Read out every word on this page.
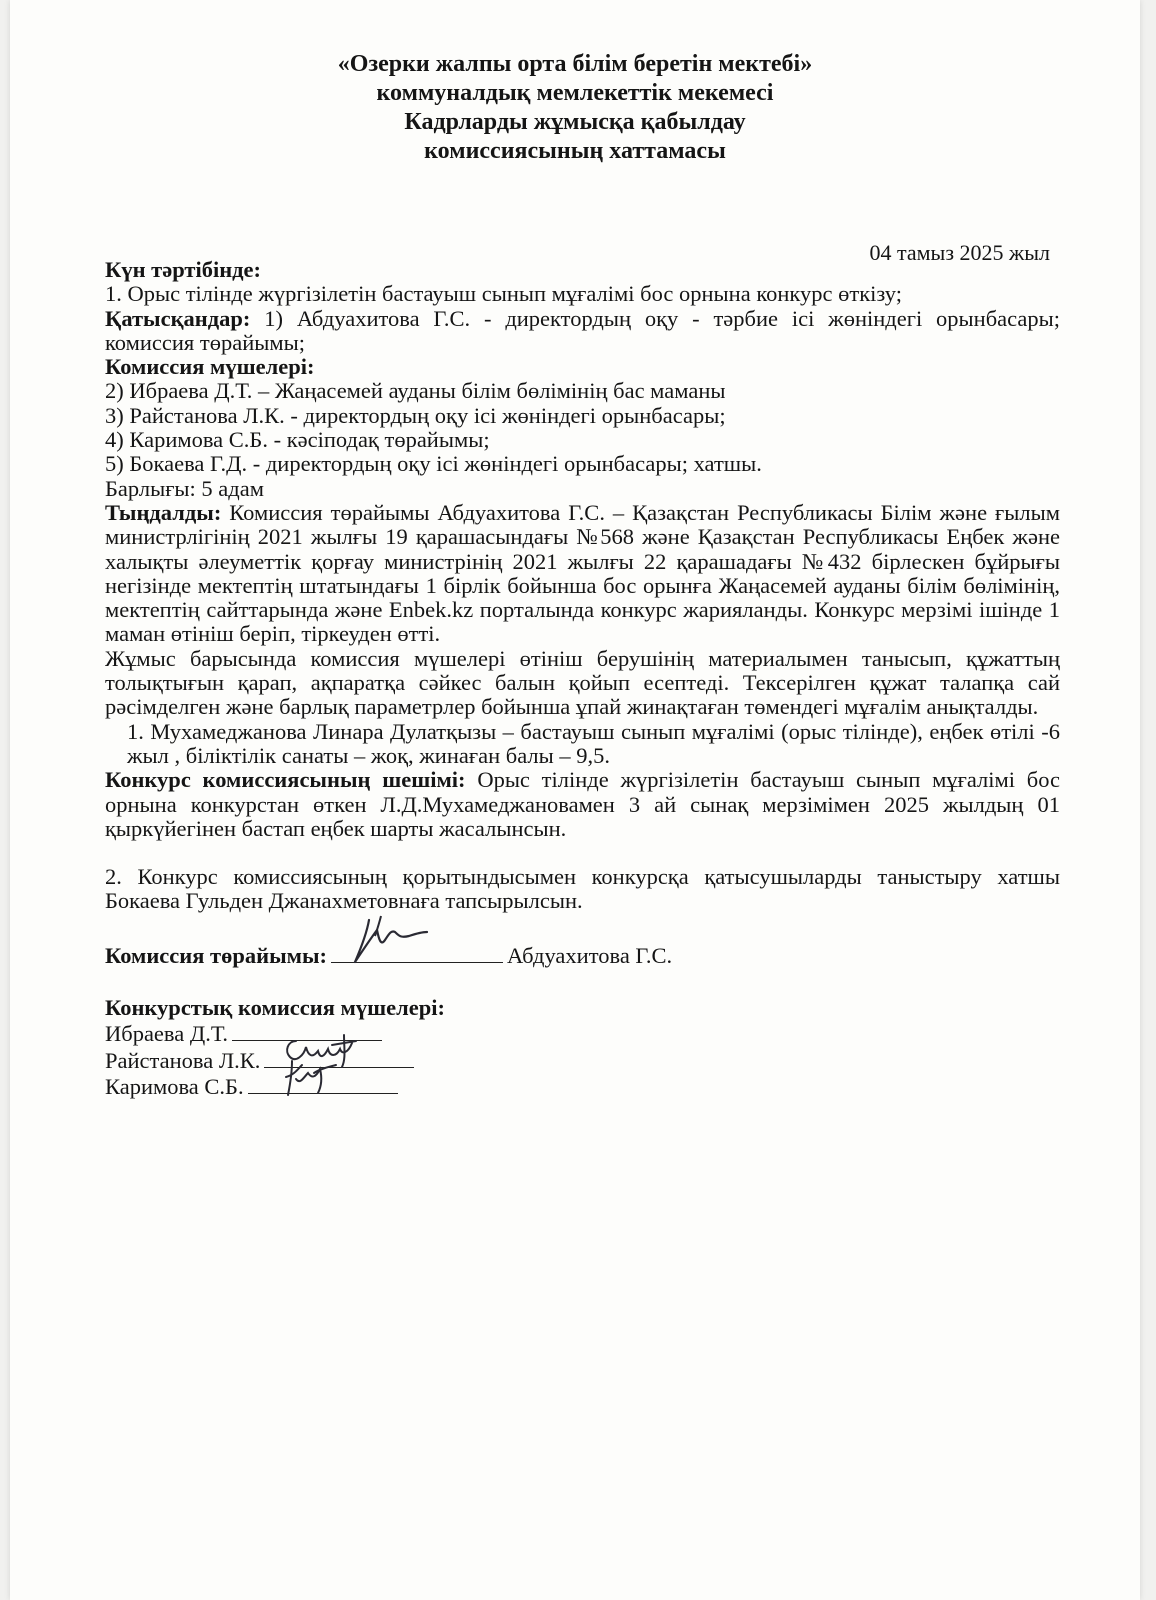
«Озерки жалпы орта білім беретін мектебі»
коммуналдық мемлекеттік мекемесі
Кадрларды жұмысқа қабылдау
комиссиясының хаттамасы
04 тамыз 2025 жыл

Күн тәртібінде:

1. Орыс тілінде жүргізілетін бастауыш сынып мұғалімі бос орнына конкурс өткізу;

Қатысқандар: 1) Абдуахитова Г.С. - директордың оқу - тәрбие ісі жөніндегі орынбасары; комиссия төрайымы;

Комиссия мүшелері:

2) Ибраева Д.Т. – Жаңасемей ауданы білім бөлімінің бас маманы

3) Райстанова Л.К. - директордың оқу ісі жөніндегі орынбасары;

4) Каримова С.Б. - кәсіподақ төрайымы;

5) Бокаева Г.Д. - директордың оқу ісі жөніндегі орынбасары; хатшы.

Барлығы: 5 адам

Тыңдалды: Комиссия төрайымы Абдуахитова Г.С. – Қазақстан Республикасы Білім және ғылым министрлігінің 2021 жылғы 19 қарашасындағы №568 және Қазақстан Республикасы Еңбек және халықты әлеуметтік қорғау министрінің 2021 жылғы 22 қарашадағы №432 бірлескен бұйрығы негізінде мектептің штатындағы 1 бірлік бойынша бос орынға Жаңасемей ауданы білім бөлімінің, мектептің сайттарында және Enbek.kz порталында конкурс жарияланды. Конкурс мерзімі ішінде 1 маман өтініш беріп, тіркеуден өтті.

Жұмыс барысында комиссия мүшелері өтініш берушінің материалымен танысып, құжаттың толықтығын қарап, ақпаратқа сәйкес балын қойып есептеді. Тексерілген құжат талапқа сай рәсімделген және барлық параметрлер бойынша ұпай жинақтаған төмендегі мұғалім анықталды.

1. Мухамеджанова Линара Дулатқызы – бастауыш сынып мұғалімі (орыс тілінде), еңбек өтілі -6 жыл , біліктілік санаты – жоқ, жинаған балы – 9,5.

Конкурс комиссиясының шешімі: Орыс тілінде жүргізілетін бастауыш сынып мұғалімі бос орнына конкурстан өткен Л.Д.Мухамеджановамен 3 ай сынақ мерзімімен 2025 жылдың 01 қыркүйегінен бастап еңбек шарты жасалынсын.

2. Конкурс комиссиясының қорытындысымен конкурсқа қатысушыларды таныстыру хатшы Бокаева Гульден Джанахметовнаға тапсырылсын.

Комиссия төрайымы:	Абдуахитова Г.С.

Конкурстық комиссия мүшелері:

Ибраева Д.Т.
Райстанова Л.К.
Каримова С.Б.
